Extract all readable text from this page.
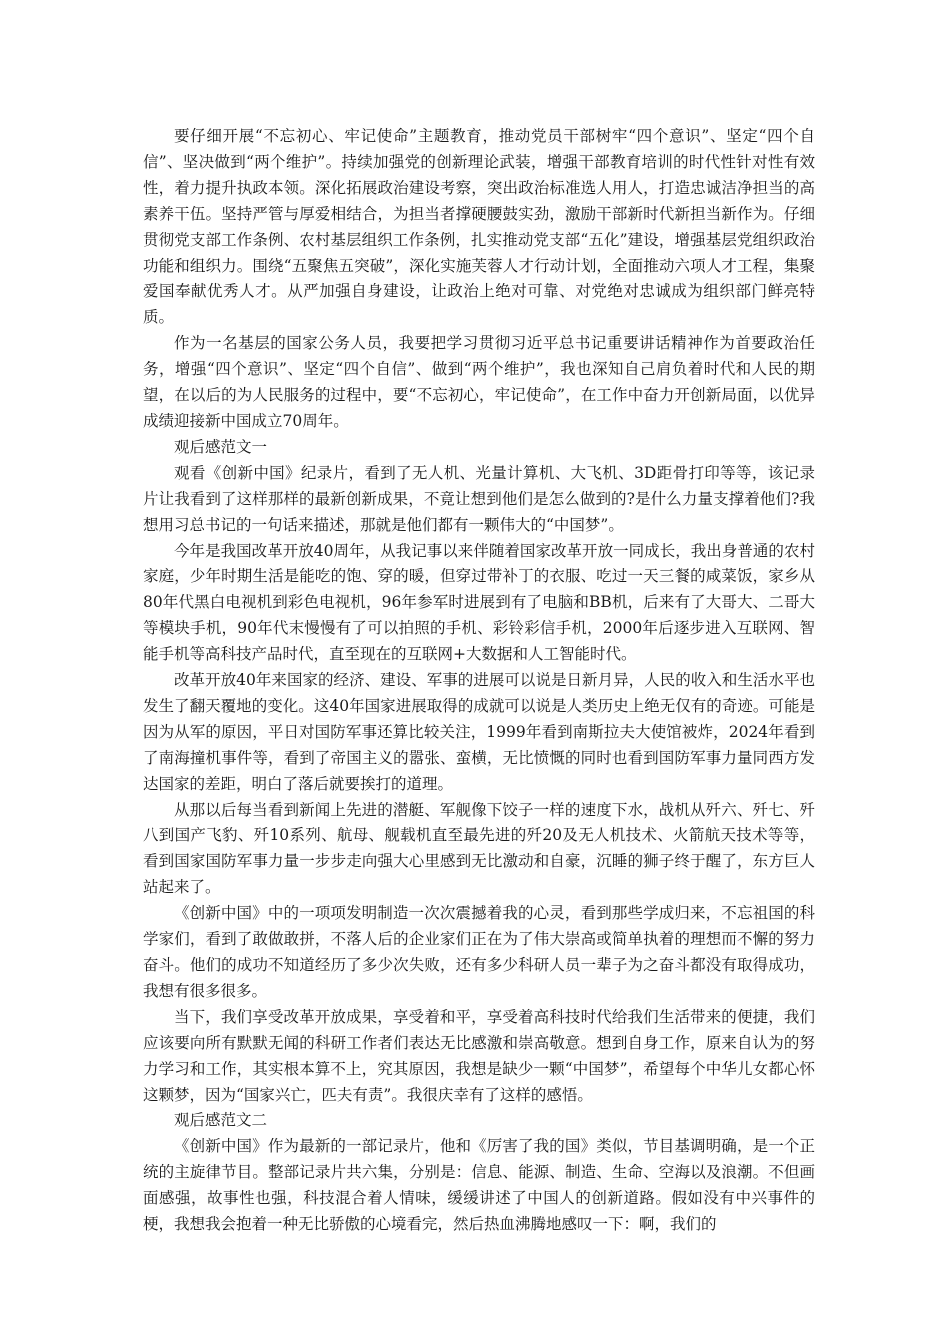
要仔细开展“不忘初心、牢记使命”主题教育，推动党员干部树牢“四个意识”、坚定“四个自信”、坚决做到“两个维护”。持续加强党的创新理论武装，增强干部教育培训的时代性针对性有效性，着力提升执政本领。深化拓展政治建设考察，突出政治标准选人用人，打造忠诚洁净担当的高素养干伍。坚持严管与厚爱相结合，为担当者撑硬腰鼓实劲，激励干部新时代新担当新作为。仔细贯彻党支部工作条例、农村基层组织工作条例，扎实推动党支部“五化”建设，增强基层党组织政治功能和组织力。围绕“五聚焦五突破”，深化实施芙蓉人才行动计划，全面推动六项人才工程，集聚爱国奉献优秀人才。从严加强自身建设，让政治上绝对可靠、对党绝对忠诚成为组织部门鲜亮特质。

作为一名基层的国家公务人员，我要把学习贯彻习近平总书记重要讲话精神作为首要政治任务，增强“四个意识”、坚定“四个自信”、做到“两个维护”，我也深知自己肩负着时代和人民的期望，在以后的为人民服务的过程中，要“不忘初心，牢记使命”，在工作中奋力开创新局面，以优异成绩迎接新中国成立70周年。

观后感范文一

观看《创新中国》纪录片，看到了无人机、光量计算机、大飞机、3D距骨打印等等，该记录片让我看到了这样那样的最新创新成果，不竟让想到他们是怎么做到的?是什么力量支撑着他们?我想用习总书记的一句话来描述，那就是他们都有一颗伟大的“中国梦”。

今年是我国改革开放40周年，从我记事以来伴随着国家改革开放一同成长，我出身普通的农村家庭，少年时期生活是能吃的饱、穿的暖，但穿过带补丁的衣服、吃过一天三餐的咸菜饭，家乡从80年代黑白电视机到彩色电视机，96年参军时进展到有了电脑和BB机，后来有了大哥大、二哥大等模块手机，90年代末慢慢有了可以拍照的手机、彩铃彩信手机，2000年后逐步进入互联网、智能手机等高科技产品时代，直至现在的互联网+大数据和人工智能时代。

改革开放40年来国家的经济、建设、军事的进展可以说是日新月异，人民的收入和生活水平也发生了翻天覆地的变化。这40年国家进展取得的成就可以说是人类历史上绝无仅有的奇迹。可能是因为从军的原因，平日对国防军事还算比较关注，1999年看到南斯拉夫大使馆被炸，2024年看到了南海撞机事件等，看到了帝国主义的嚣张、蛮横，无比愤慨的同时也看到国防军事力量同西方发达国家的差距，明白了落后就要挨打的道理。

从那以后每当看到新闻上先进的潜艇、军舰像下饺子一样的速度下水，战机从歼六、歼七、歼八到国产飞豹、歼10系列、航母、舰载机直至最先进的歼20及无人机技术、火箭航天技术等等，看到国家国防军事力量一步步走向强大心里感到无比激动和自豪，沉睡的狮子终于醒了，东方巨人站起来了。

《创新中国》中的一项项发明制造一次次震撼着我的心灵，看到那些学成归来，不忘祖国的科学家们，看到了敢做敢拼，不落人后的企业家们正在为了伟大崇高或简单执着的理想而不懈的努力奋斗。他们的成功不知道经历了多少次失败，还有多少科研人员一辈子为之奋斗都没有取得成功，我想有很多很多。

当下，我们享受改革开放成果，享受着和平，享受着高科技时代给我们生活带来的便捷，我们应该要向所有默默无闻的科研工作者们表达无比感激和崇高敬意。想到自身工作，原来自认为的努力学习和工作，其实根本算不上，究其原因，我想是缺少一颗“中国梦”，希望每个中华儿女都心怀这颗梦，因为“国家兴亡，匹夫有责”。我很庆幸有了这样的感悟。

观后感范文二

《创新中国》作为最新的一部记录片，他和《厉害了我的国》类似，节目基调明确，是一个正统的主旋律节目。整部记录片共六集，分别是：信息、能源、制造、生命、空海以及浪潮。不但画面感强，故事性也强，科技混合着人情味，缓缓讲述了中国人的创新道路。假如没有中兴事件的梗，我想我会抱着一种无比骄傲的心境看完，然后热血沸腾地感叹一下：啊，我们的
